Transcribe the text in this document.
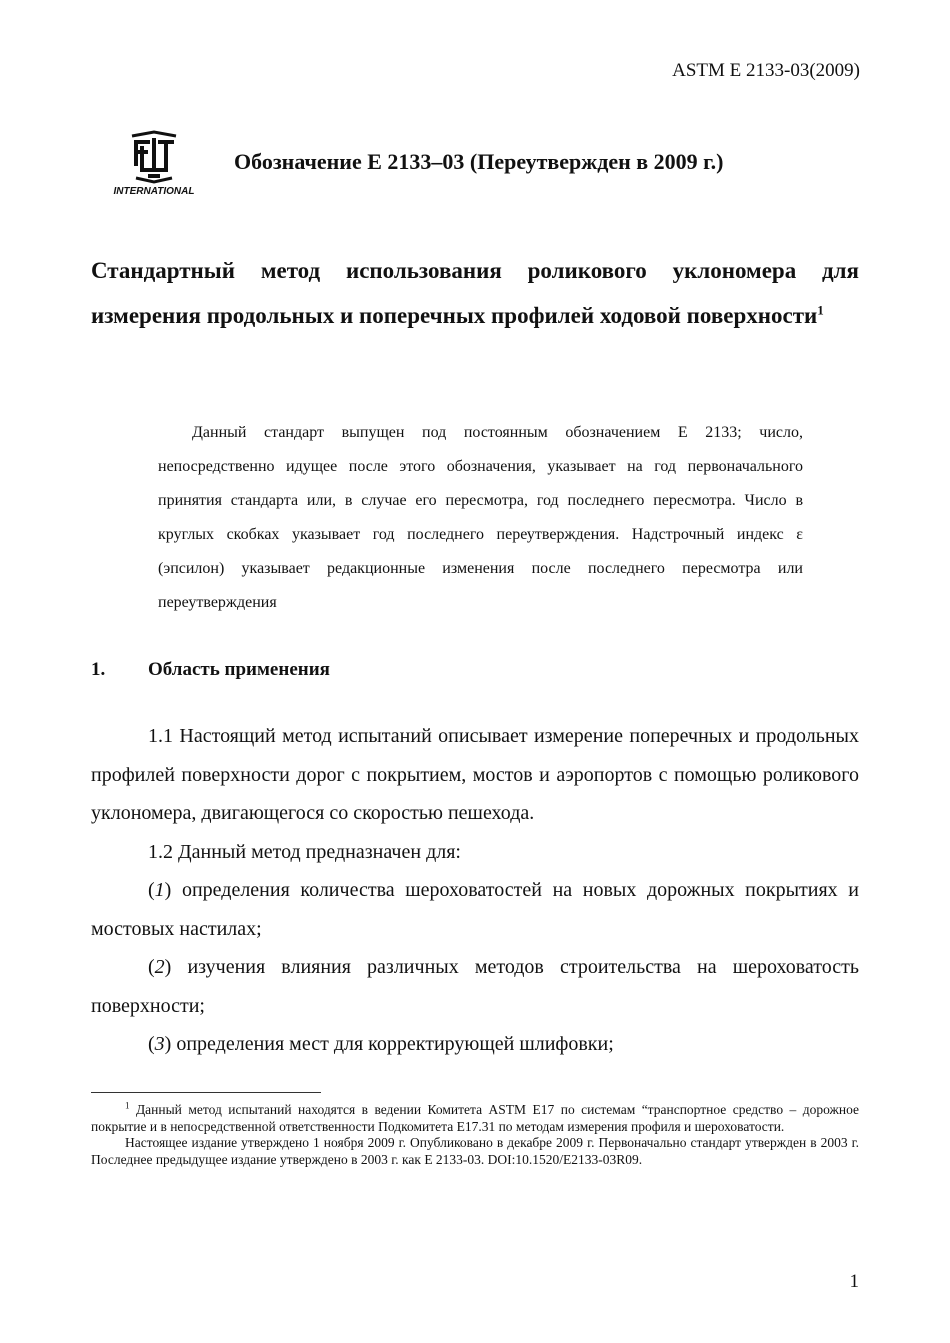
ASTM E 2133-03(2009)
INTERNATIONAL
Обозначение Е 2133–03 (Переутвержден в 2009 г.)
Стандартный метод использования роликового уклономера для измерения продольных и поперечных профилей ходовой поверхности$^1$
Данный стандарт выпущен под постоянным обозначением Е 2133; число, непосредственно идущее после этого обозначения, указывает на год первоначального принятия стандарта или, в случае его пересмотра, год последнего пересмотра. Число в круглых скобках указывает год последнего переутверждения. Надстрочный индекс ε (эпсилон) указывает редакционные изменения после последнего пересмотра или переутверждения
1. Область применения

1.1 Настоящий метод испытаний описывает измерение поперечных и продольных профилей поверхности дорог с покрытием, мостов и аэропортов с помощью роликового уклономера, двигающегося со скоростью пешехода.

1.2 Данный метод предназначен для:

(1) определения количества шероховатостей на новых дорожных покрытиях и мостовых настилах;

(2) изучения влияния различных методов строительства на шероховатость поверхности;

(3) определения мест для корректирующей шлифовки;

$^1$ Данный метод испытаний находятся в ведении Комитета ASTM E17 по системам “транспортное средство – дорожное покрытие и в непосредственной ответственности Подкомитета E17.31 по методам измерения профиля и шероховатости.

Настоящее издание утверждено 1 ноября 2009 г. Опубликовано в декабре 2009 г. Первоначально стандарт утвержден в 2003 г. Последнее предыдущее издание утверждено в 2003 г. как E 2133-03. DOI:10.1520/E2133-03R09.

1
